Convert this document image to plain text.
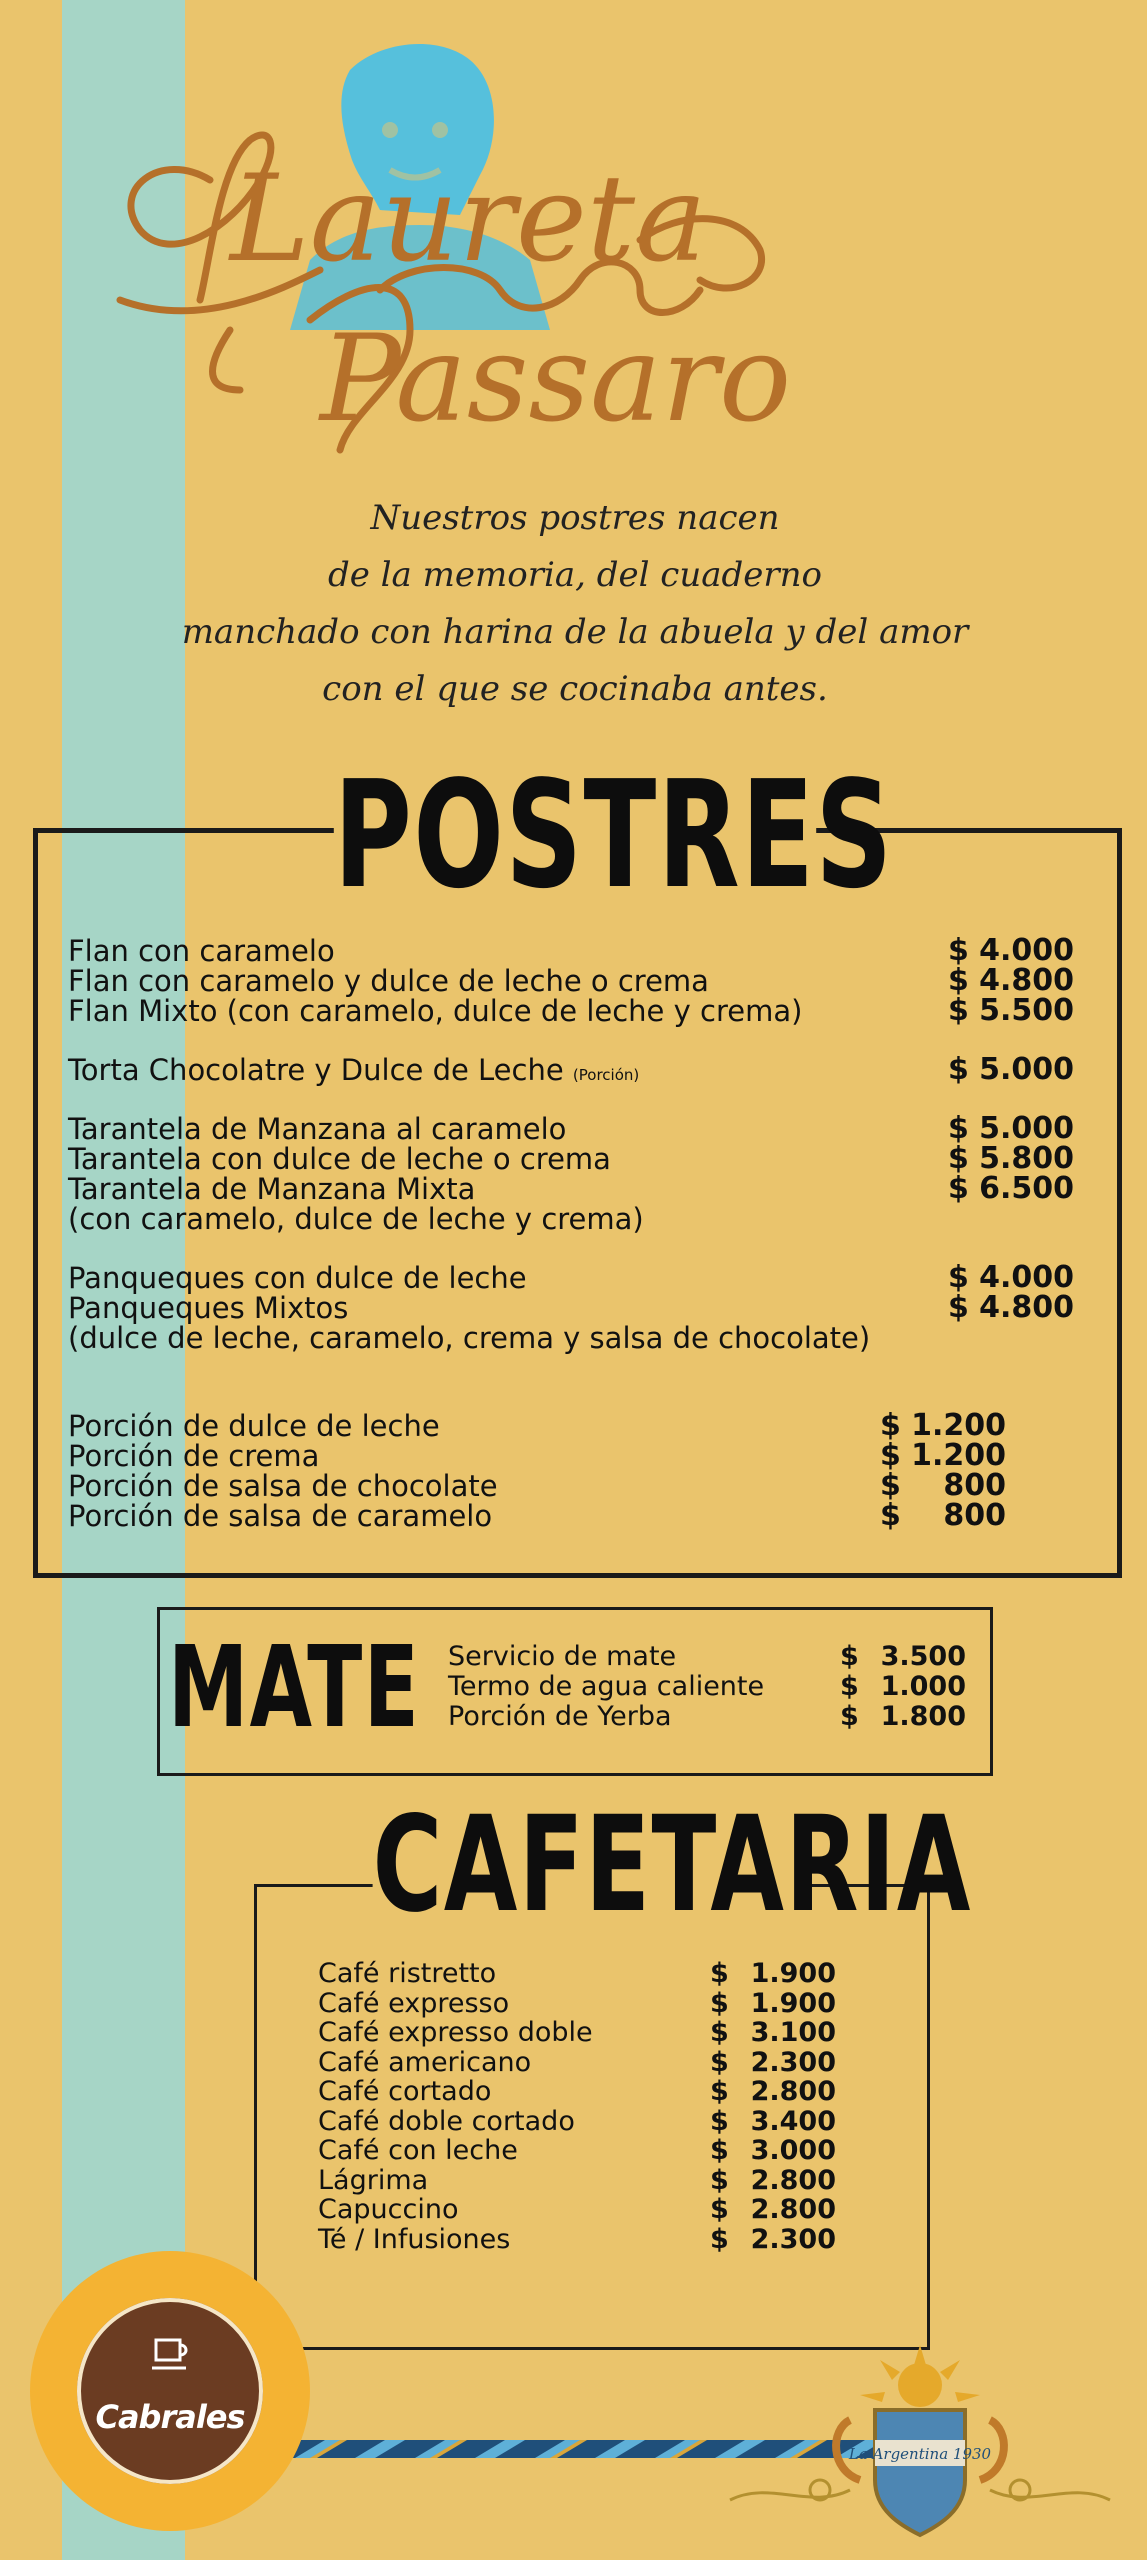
Laureta
Passaro
Nuestros postres nacen
de la memoria, del cuaderno
manchado con harina de la abuela y del amor
con el que se cocinaba antes.
POSTRES
Flan con caramelo	$ 4.000
Flan con caramelo y dulce de leche o crema	$ 4.800
Flan Mixto (con caramelo, dulce de leche y crema)	$ 5.500
Torta Chocolatre y Dulce de Leche (Porción)	$ 5.000
Tarantela de Manzana al caramelo	$ 5.000
Tarantela con dulce de leche o crema	$ 5.800
Tarantela de Manzana Mixta	$ 6.500
(con caramelo, dulce de leche y crema)
Panqueques con dulce de leche	$ 4.000
Panqueques Mixtos	$ 4.800
(dulce de leche, caramelo, crema y salsa de chocolate)
Porción de dulce de leche	$ 1.200
Porción de crema	$ 1.200
Porción de salsa de chocolate	$ 800
Porción de salsa de caramelo	$ 800
MATE Servicio de mate	$ 3.500
Termo de agua caliente	$ 1.000
Porción de Yerba	$ 1.800
CAFETARIA
Café ristretto	$ 1.900
Café expresso	$ 1.900
Café expresso doble	$ 3.100
Café americano	$ 2.300
Café cortado	$ 2.800
Café doble cortado	$ 3.400
Café con leche	$ 3.000
Lágrima	$ 2.800
Capuccino	$ 2.800
Té / Infusiones	$ 2.300
La Argentina 1930
Cabrales
